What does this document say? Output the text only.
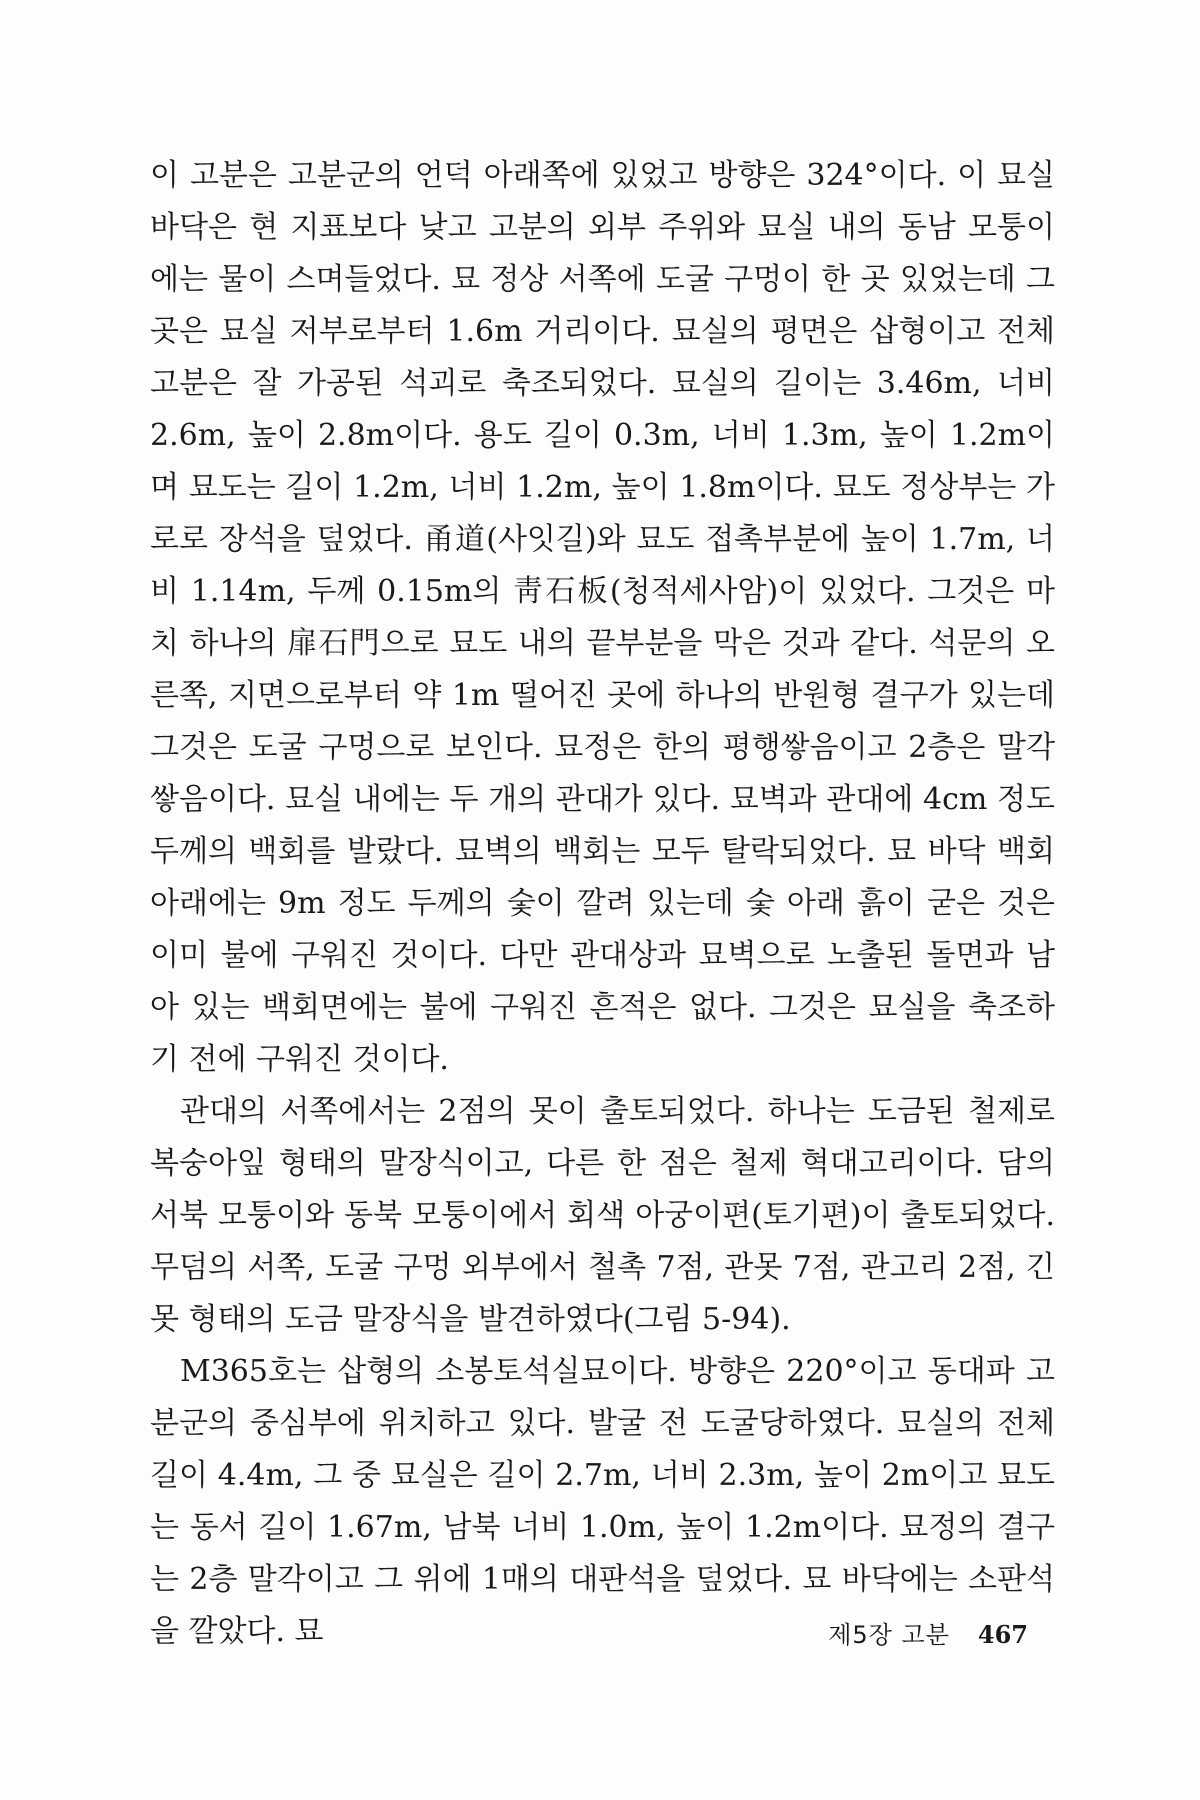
이 고분은 고분군의 언덕 아래쪽에 있었고 방향은 324°이다. 이 묘실 바닥은 현 지표보다 낮고 고분의 외부 주위와 묘실 내의 동남 모퉁이에는 물이 스며들었다. 묘 정상 서쪽에 도굴 구멍이 한 곳 있었는데 그곳은 묘실 저부로부터 1.6m 거리이다. 묘실의 평면은 삽형이고 전체 고분은 잘 가공된 석괴로 축조되었다. 묘실의 길이는 3.46m, 너비 2.6m, 높이 2.8m이다. 용도 길이 0.3m, 너비 1.3m, 높이 1.2m이며 묘도는 길이 1.2m, 너비 1.2m, 높이 1.8m이다. 묘도 정상부는 가로로 장석을 덮었다. 甬道(사잇길)와 묘도 접촉부분에 높이 1.7m, 너비 1.14m, 두께 0.15m의 靑石板(청적세사암)이 있었다. 그것은 마치 하나의 扉石門으로 묘도 내의 끝부분을 막은 것과 같다. 석문의 오른쪽, 지면으로부터 약 1m 떨어진 곳에 하나의 반원형 결구가 있는데 그것은 도굴 구멍으로 보인다. 묘정은 한의 평행쌓음이고 2층은 말각쌓음이다. 묘실 내에는 두 개의 관대가 있다. 묘벽과 관대에 4cm 정도 두께의 백회를 발랐다. 묘벽의 백회는 모두 탈락되었다. 묘 바닥 백회 아래에는 9m 정도 두께의 숯이 깔려 있는데 숯 아래 흙이 굳은 것은 이미 불에 구워진 것이다. 다만 관대상과 묘벽으로 노출된 돌면과 남아 있는 백회면에는 불에 구워진 흔적은 없다. 그것은 묘실을 축조하기 전에 구워진 것이다.

관대의 서쪽에서는 2점의 못이 출토되었다. 하나는 도금된 철제로 복숭아잎 형태의 말장식이고, 다른 한 점은 철제 혁대고리이다. 담의 서북 모퉁이와 동북 모퉁이에서 회색 아궁이편(토기편)이 출토되었다. 무덤의 서쪽, 도굴 구멍 외부에서 철촉 7점, 관못 7점, 관고리 2점, 긴 못 형태의 도금 말장식을 발견하였다(그림 5-94).

M365호는 삽형의 소봉토석실묘이다. 방향은 220°이고 동대파 고분군의 중심부에 위치하고 있다. 발굴 전 도굴당하였다. 묘실의 전체 길이 4.4m, 그 중 묘실은 길이 2.7m, 너비 2.3m, 높이 2m이고 묘도는 동서 길이 1.67m, 남북 너비 1.0m, 높이 1.2m이다. 묘정의 결구는 2층 말각이고 그 위에 1매의 대판석을 덮었다. 묘 바닥에는 소판석을 깔았다. 묘	제5장 고분 467
